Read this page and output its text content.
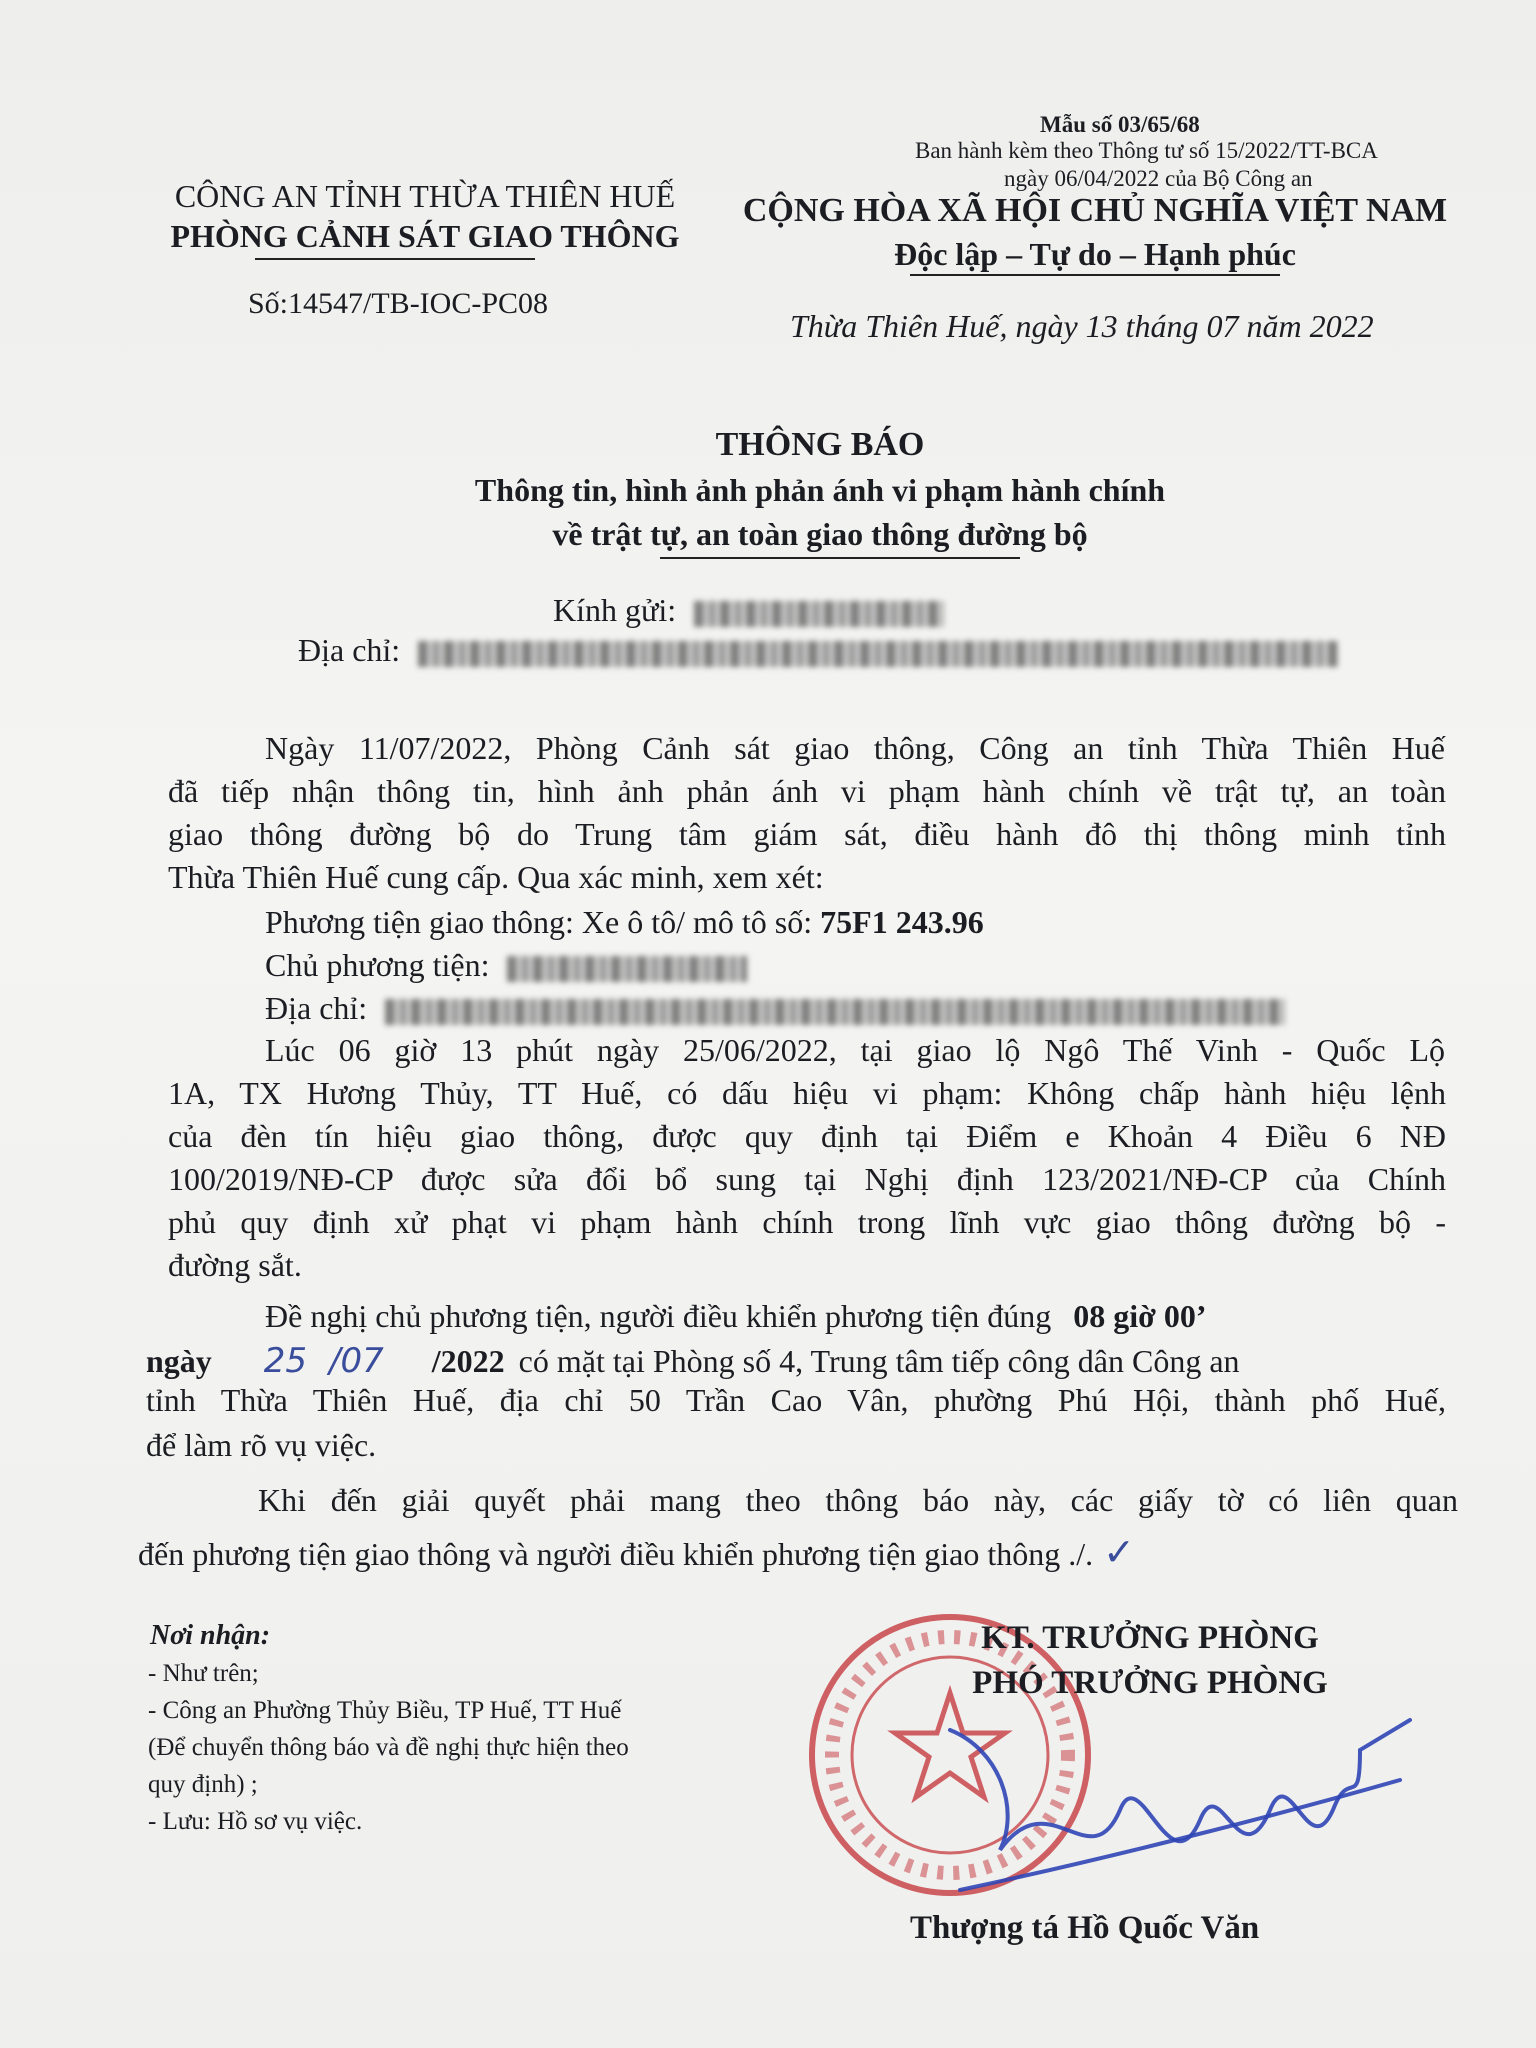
Mẫu số 03/65/68
Ban hành kèm theo Thông tư số 15/2022/TT-BCA
ngày 06/04/2022 của Bộ Công an
CÔNG AN TỈNH THỪA THIÊN HUẾ
PHÒNG CẢNH SÁT GIAO THÔNG
Số:14547/TB-IOC-PC08
CỘNG HÒA XÃ HỘI CHỦ NGHĨA VIỆT NAM
Độc lập – Tự do – Hạnh phúc
Thừa Thiên Huế, ngày 13 tháng 07 năm 2022
THÔNG BÁO
Thông tin, hình ảnh phản ánh vi phạm hành chính
về trật tự, an toàn giao thông đường bộ
Kính gửi:
Địa chỉ:
Ngày 11/07/2022, Phòng Cảnh sát giao thông, Công an tỉnh Thừa Thiên Huế
đã tiếp nhận thông tin, hình ảnh phản ánh vi phạm hành chính về trật tự, an toàn
giao thông đường bộ do Trung tâm giám sát, điều hành đô thị thông minh tỉnh
Thừa Thiên Huế cung cấp. Qua xác minh, xem xét:
Phương tiện giao thông: Xe ô tô/ mô tô số: 75F1 243.96
Chủ phương tiện:
Địa chỉ:
Lúc 06 giờ 13 phút ngày 25/06/2022, tại giao lộ Ngô Thế Vinh - Quốc Lộ
1A, TX Hương Thủy, TT Huế, có dấu hiệu vi phạm: Không chấp hành hiệu lệnh
của đèn tín hiệu giao thông, được quy định tại Điểm e Khoản 4 Điều 6 NĐ
100/2019/NĐ-CP được sửa đổi bổ sung tại Nghị định 123/2021/NĐ-CP của Chính
phủ quy định xử phạt vi phạm hành chính trong lĩnh vực giao thông đường bộ -
đường sắt.
Đề nghị chủ phương tiện, người điều khiển phương tiện đúng 08 giờ 00’
ngày 25 /07 /2022 có mặt tại Phòng số 4, Trung tâm tiếp công dân Công an
tỉnh Thừa Thiên Huế, địa chỉ 50 Trần Cao Vân, phường Phú Hội, thành phố Huế,
để làm rõ vụ việc.
Khi đến giải quyết phải mang theo thông báo này, các giấy tờ có liên quan
đến phương tiện giao thông và người điều khiển phương tiện giao thông ./. ✓
Nơi nhận:
- Như trên;
- Công an Phường Thủy Biều, TP Huế, TT Huế
(Để chuyển thông báo và đề nghị thực hiện theo
quy định) ;
- Lưu: Hồ sơ vụ việc.
KT. TRƯỞNG PHÒNG
PHÓ TRƯỞNG PHÒNG
Thượng tá Hồ Quốc Văn
